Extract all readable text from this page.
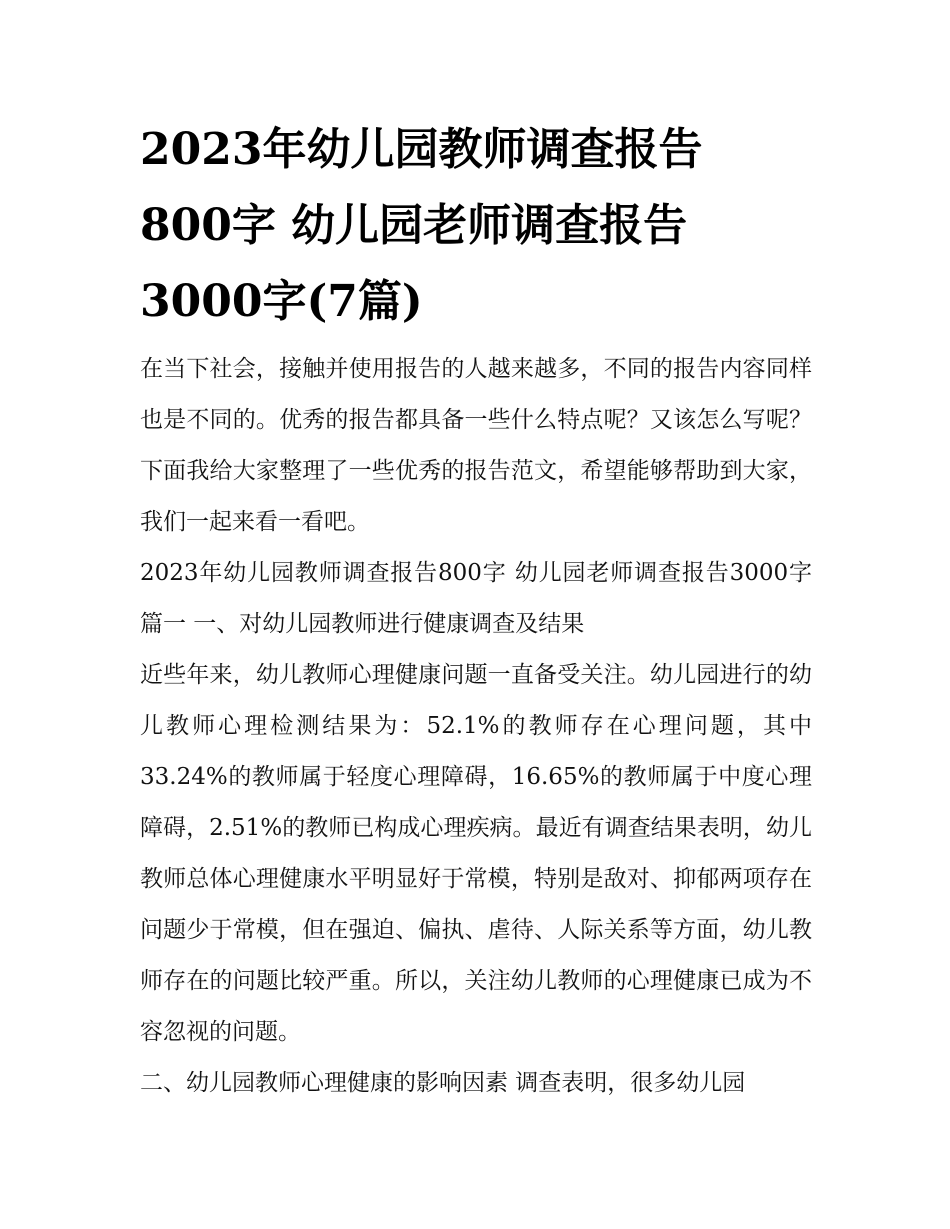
2023年幼儿园教师调查报告
800字 幼儿园老师调查报告
3000字(7篇)

在当下社会，接触并使用报告的人越来越多，不同的报告内容同样也是不同的。优秀的报告都具备一些什么特点呢？又该怎么写呢？下面我给大家整理了一些优秀的报告范文，希望能够帮助到大家，我们一起来看一看吧。

2023年幼儿园教师调查报告800字 幼儿园老师调查报告3000字篇一 一、对幼儿园教师进行健康调查及结果

近些年来，幼儿教师心理健康问题一直备受关注。幼儿园进行的幼儿教师心理检测结果为：52.1%的教师存在心理问题，其中33.24%的教师属于轻度心理障碍，16.65%的教师属于中度心理障碍，2.51%的教师已构成心理疾病。最近有调查结果表明，幼儿教师总体心理健康水平明显好于常模，特别是敌对、抑郁两项存在问题少于常模，但在强迫、偏执、虐待、人际关系等方面，幼儿教师存在的问题比较严重。所以，关注幼儿教师的心理健康已成为不容忽视的问题。

二、幼儿园教师心理健康的影响因素 调查表明，很多幼儿园
